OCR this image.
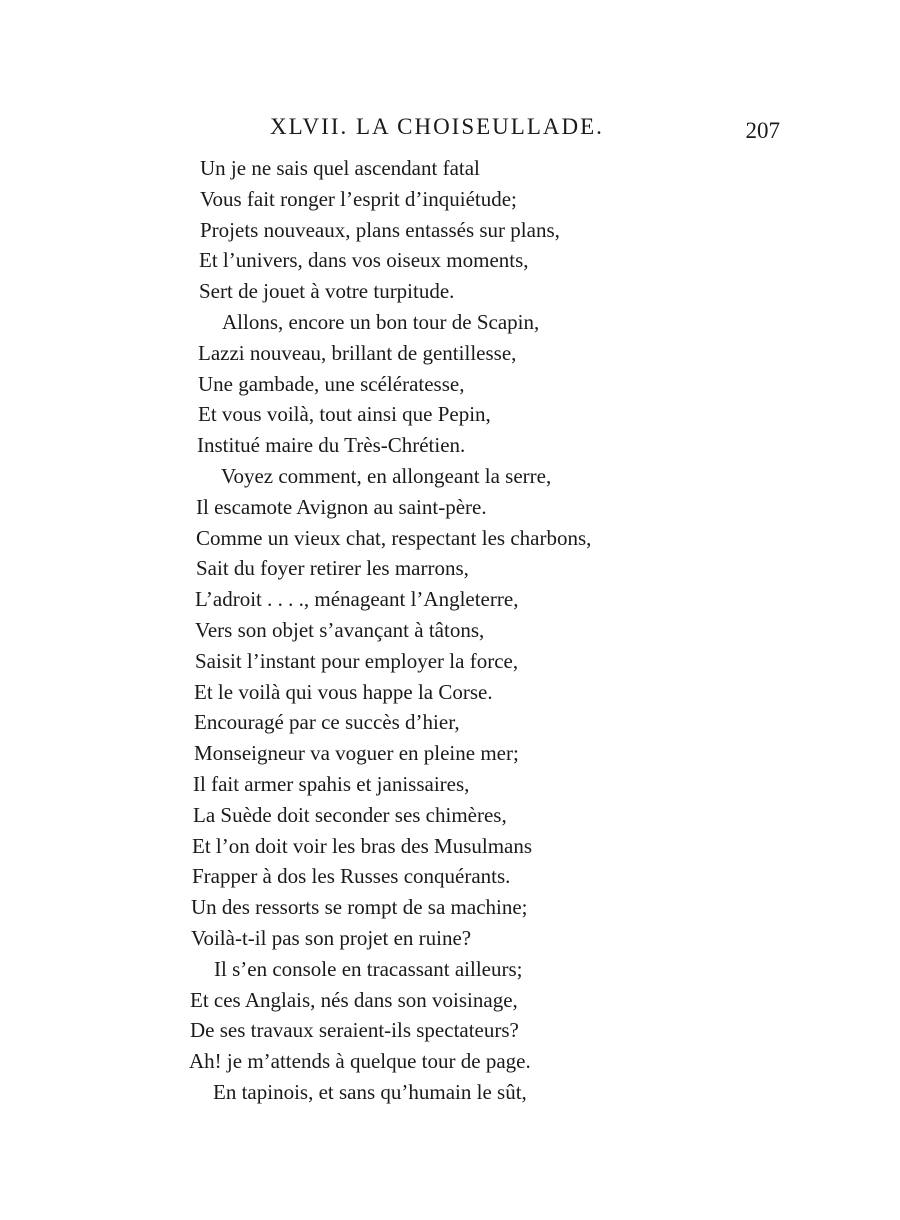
XLVII. LA CHOISEULLADE.	207
Un je ne sais quel ascendant fatal
Vous fait ronger l’esprit d’inquiétude;
Projets nouveaux, plans entassés sur plans,
Et l’univers, dans vos oiseux moments,
Sert de jouet à votre turpitude.
Allons, encore un bon tour de Scapin,
Lazzi nouveau, brillant de gentillesse,
Une gambade, une scélératesse,
Et vous voilà, tout ainsi que Pepin,
Institué maire du Très-Chrétien.
Voyez comment, en allongeant la serre,
Il escamote Avignon au saint-père.
Comme un vieux chat, respectant les charbons,
Sait du foyer retirer les marrons,
L’adroit . . . ., ménageant l’Angleterre,
Vers son objet s’avançant à tâtons,
Saisit l’instant pour employer la force,
Et le voilà qui vous happe la Corse.
Encouragé par ce succès d’hier,
Monseigneur va voguer en pleine mer;
Il fait armer spahis et janissaires,
La Suède doit seconder ses chimères,
Et l’on doit voir les bras des Musulmans
Frapper à dos les Russes conquérants.
Un des ressorts se rompt de sa machine;
Voilà-t-il pas son projet en ruine?
Il s’en console en tracassant ailleurs;
Et ces Anglais, nés dans son voisinage,
De ses travaux seraient-ils spectateurs?
Ah! je m’attends à quelque tour de page.
En tapinois, et sans qu’humain le sût,
